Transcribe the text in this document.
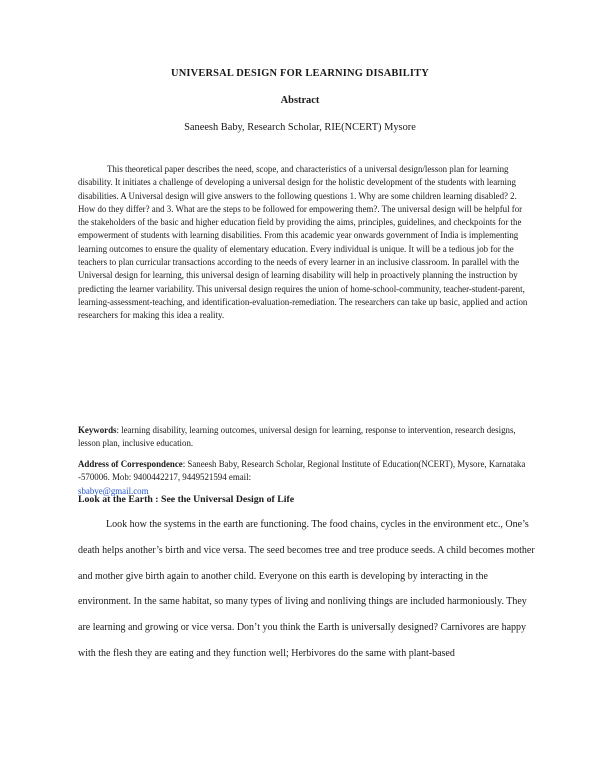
UNIVERSAL DESIGN FOR LEARNING DISABILITY
Abstract
Saneesh Baby, Research Scholar, RIE(NCERT) Mysore
This theoretical paper describes the need, scope, and characteristics of a universal design/lesson plan for learning disability. It initiates a challenge of developing a universal design for the holistic development of the students with learning disabilities. A Universal design will give answers to the following questions 1. Why are some children learning disabled? 2. How do they differ? and 3. What are the steps to be followed for empowering them?. The universal design will be helpful for the stakeholders of the basic and higher education field by providing the aims, principles, guidelines, and checkpoints for the empowerment of students with learning disabilities. From this academic year onwards government of India is implementing learning outcomes to ensure the quality of elementary education. Every individual is unique. It will be a tedious job for the teachers to plan curricular transactions according to the needs of every learner in an inclusive classroom. In parallel with the Universal design for learning, this universal design of learning disability will help in proactively planning the instruction by predicting the learner variability. This universal design requires the union of home-school-community, teacher-student-parent, learning-assessment-teaching, and identification-evaluation-remediation. The researchers can take up basic, applied and action researchers for making this idea a reality.
Keywords: learning disability, learning outcomes, universal design for learning, response to intervention, research designs, lesson plan, inclusive education.
Address of Correspondence: Saneesh Baby, Research Scholar, Regional Institute of Education(NCERT), Mysore, Karnataka -570006. Mob: 9400442217, 9449521594 email:
sbabye@gmail.com
Look at the Earth : See the Universal Design of Life
Look how the systems in the earth are functioning. The food chains, cycles in the environment etc., One’s death helps another’s birth and vice versa. The seed becomes tree and tree produce seeds. A child becomes mother and mother give birth again to another child. Everyone on this earth is developing by interacting in the environment. In the same habitat, so many types of living and nonliving things are included harmoniously. They are learning and growing or vice versa. Don’t you think the Earth is universally designed? Carnivores are happy with the flesh they are eating and they function well; Herbivores do the same with plant-based
